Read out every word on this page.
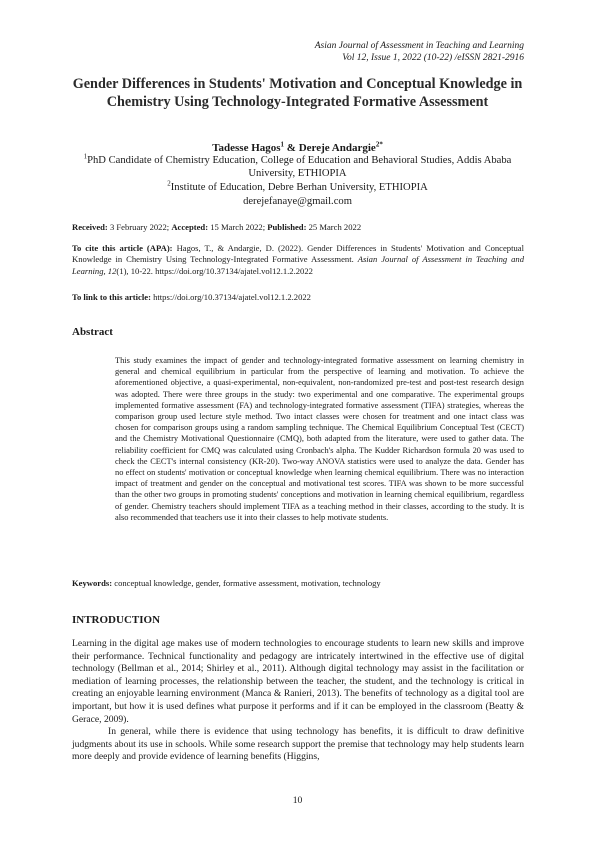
Asian Journal of Assessment in Teaching and Learning
Vol 12, Issue 1, 2022 (10-22) /eISSN 2821-2916
Gender Differences in Students' Motivation and Conceptual Knowledge in Chemistry Using Technology-Integrated Formative Assessment
Tadesse Hagos$^1$ & Dereje Andargie$^{2*}$
$^1$PhD Candidate of Chemistry Education, College of Education and Behavioral Studies, Addis Ababa University, ETHIOPIA
$^2$Institute of Education, Debre Berhan University, ETHIOPIA
derejefanaye@gmail.com
Received: 3 February 2022; Accepted: 15 March 2022; Published: 25 March 2022
To cite this article (APA): Hagos, T., & Andargie, D. (2022). Gender Differences in Students' Motivation and Conceptual Knowledge in Chemistry Using Technology-Integrated Formative Assessment. Asian Journal of Assessment in Teaching and Learning, 12(1), 10-22. https://doi.org/10.37134/ajatel.vol12.1.2.2022
To link to this article: https://doi.org/10.37134/ajatel.vol12.1.2.2022
Abstract
This study examines the impact of gender and technology-integrated formative assessment on learning chemistry in general and chemical equilibrium in particular from the perspective of learning and motivation. To achieve the aforementioned objective, a quasi-experimental, non-equivalent, non-randomized pre-test and post-test research design was adopted. There were three groups in the study: two experimental and one comparative. The experimental groups implemented formative assessment (FA) and technology-integrated formative assessment (TIFA) strategies, whereas the comparison group used lecture style method. Two intact classes were chosen for treatment and one intact class was chosen for comparison groups using a random sampling technique. The Chemical Equilibrium Conceptual Test (CECT) and the Chemistry Motivational Questionnaire (CMQ), both adapted from the literature, were used to gather data. The reliability coefficient for CMQ was calculated using Cronbach's alpha. The Kudder Richardson formula 20 was used to check the CECT's internal consistency (KR-20). Two-way ANOVA statistics were used to analyze the data. Gender has no effect on students' motivation or conceptual knowledge when learning chemical equilibrium. There was no interaction impact of treatment and gender on the conceptual and motivational test scores. TIFA was shown to be more successful than the other two groups in promoting students' conceptions and motivation in learning chemical equilibrium, regardless of gender. Chemistry teachers should implement TIFA as a teaching method in their classes, according to the study. It is also recommended that teachers use it into their classes to help motivate students.
Keywords: conceptual knowledge, gender, formative assessment, motivation, technology
INTRODUCTION

Learning in the digital age makes use of modern technologies to encourage students to learn new skills and improve their performance. Technical functionality and pedagogy are intricately intertwined in the effective use of digital technology (Bellman et al., 2014; Shirley et al., 2011). Although digital technology may assist in the facilitation or mediation of learning processes, the relationship between the teacher, the student, and the technology is critical in creating an enjoyable learning environment (Manca & Ranieri, 2013). The benefits of technology as a digital tool are important, but how it is used defines what purpose it performs and if it can be employed in the classroom (Beatty & Gerace, 2009).

In general, while there is evidence that using technology has benefits, it is difficult to draw definitive judgments about its use in schools. While some research support the premise that technology may help students learn more deeply and provide evidence of learning benefits (Higgins,

10
